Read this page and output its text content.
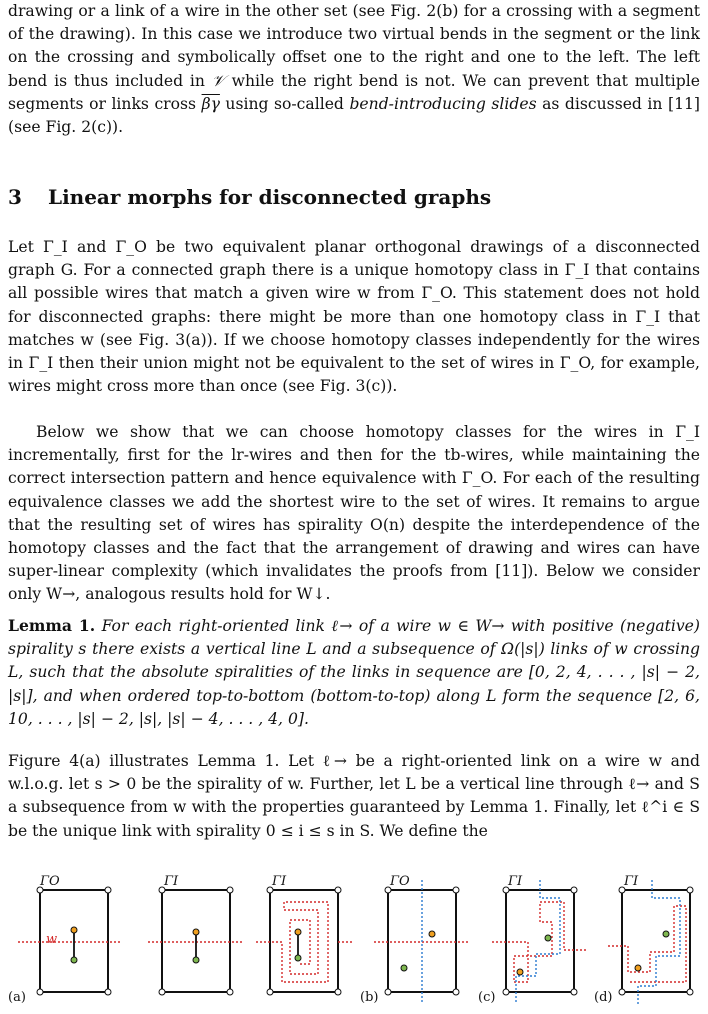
drawing or a link of a wire in the other set (see Fig. 2(b) for a crossing with a segment of the drawing). In this case we introduce two virtual bends in the segment or the link on the crossing and symbolically offset one to the right and one to the left. The left bend is thus included in 𝒱 while the right bend is not. We can prevent that multiple segments or links cross $\overline{\beta\gamma}$ using so-called bend-introducing slides as discussed in [11] (see Fig. 2(c)).

3 Linear morphs for disconnected graphs

Let Γ_I and Γ_O be two equivalent planar orthogonal drawings of a disconnected graph G. For a connected graph there is a unique homotopy class in Γ_I that contains all possible wires that match a given wire w from Γ_O. This statement does not hold for disconnected graphs: there might be more than one homotopy class in Γ_I that matches w (see Fig. 3(a)). If we choose homotopy classes independently for the wires in Γ_I then their union might not be equivalent to the set of wires in Γ_O, for example, wires might cross more than once (see Fig. 3(c)).

Below we show that we can choose homotopy classes for the wires in Γ_I incrementally, first for the lr-wires and then for the tb-wires, while maintaining the correct intersection pattern and hence equivalence with Γ_O. For each of the resulting equivalence classes we add the shortest wire to the set of wires. It remains to argue that the resulting set of wires has spirality O(n) despite the interdependence of the homotopy classes and the fact that the arrangement of drawing and wires can have super-linear complexity (which invalidates the proofs from [11]). Below we consider only W→, analogous results hold for W↓.

Lemma 1. For each right-oriented link ℓ→ of a wire w ∈ W→ with positive (negative) spirality s there exists a vertical line L and a subsequence of Ω(|s|) links of w crossing L, such that the absolute spiralities of the links in sequence are [0, 2, 4, . . . , |s| − 2, |s|], and when ordered top-to-bottom (bottom-to-top) along L form the sequence [2, 6, 10, . . . , |s| − 2, |s|, |s| − 4, . . . , 4, 0].

Figure 4(a) illustrates Lemma 1. Let ℓ→ be a right-oriented link on a wire w and w.l.o.g. let s > 0 be the spirality of w. Further, let L be a vertical line through ℓ→ and S a subsequence from w with the properties guaranteed by Lemma 1. Finally, let ℓ^i ∈ S be the unique link with spirality 0 ≤ i ≤ s in S. We define the

ΓO	ΓI	ΓI	ΓO	ΓI	ΓI
w
(a)	(b)	(c)	(d)
